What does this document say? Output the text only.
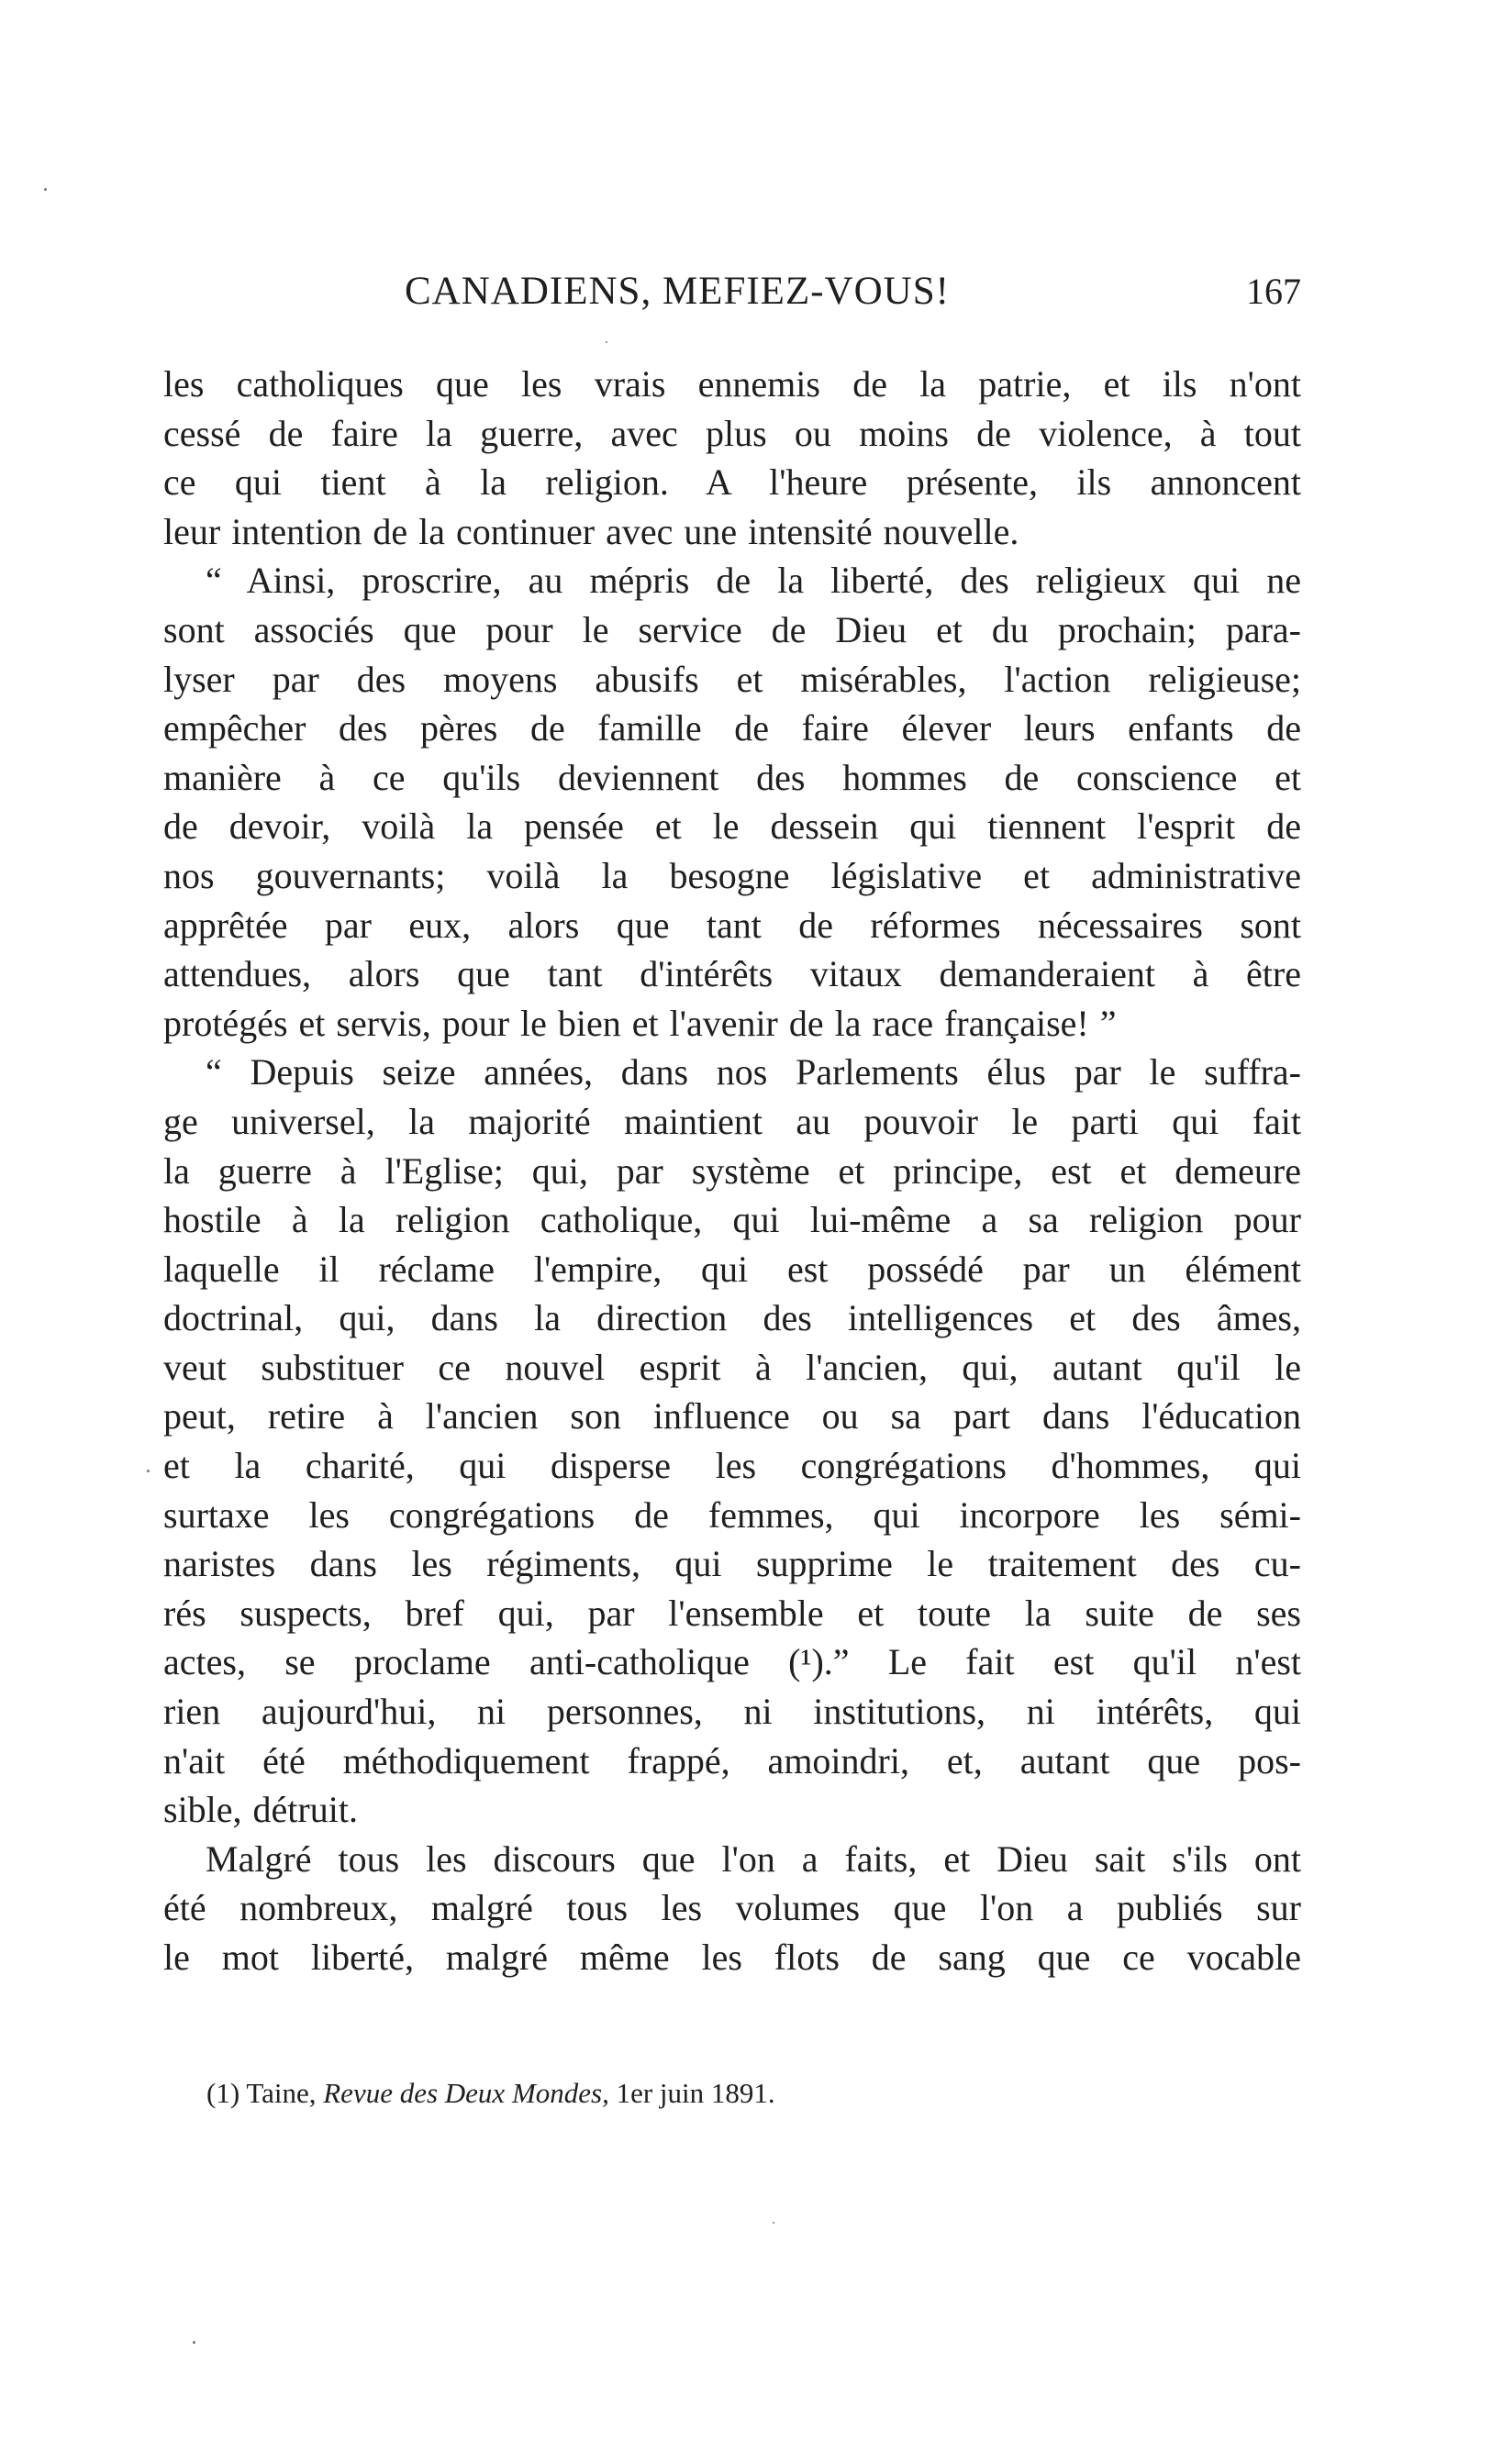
CANADIENS, MEFIEZ-VOUS!	167
les catholiques que les vrais ennemis de la patrie, et ils n'ont
cessé de faire la guerre, avec plus ou moins de violence, à tout
ce qui tient à la religion. A l'heure présente, ils annoncent
leur intention de la continuer avec une intensité nouvelle.
“ Ainsi, proscrire, au mépris de la liberté, des religieux qui ne
sont associés que pour le service de Dieu et du prochain; para-
lyser par des moyens abusifs et misérables, l'action religieuse;
empêcher des pères de famille de faire élever leurs enfants de
manière à ce qu'ils deviennent des hommes de conscience et
de devoir, voilà la pensée et le dessein qui tiennent l'esprit de
nos gouvernants; voilà la besogne législative et administrative
apprêtée par eux, alors que tant de réformes nécessaires sont
attendues, alors que tant d'intérêts vitaux demanderaient à être
protégés et servis, pour le bien et l'avenir de la race française! ”
“ Depuis seize années, dans nos Parlements élus par le suffra-
ge universel, la majorité maintient au pouvoir le parti qui fait
la guerre à l'Eglise; qui, par système et principe, est et demeure
hostile à la religion catholique, qui lui-même a sa religion pour
laquelle il réclame l'empire, qui est possédé par un élément
doctrinal, qui, dans la direction des intelligences et des âmes,
veut substituer ce nouvel esprit à l'ancien, qui, autant qu'il le
peut, retire à l'ancien son influence ou sa part dans l'éducation
et la charité, qui disperse les congrégations d'hommes, qui
surtaxe les congrégations de femmes, qui incorpore les sémi-
naristes dans les régiments, qui supprime le traitement des cu-
rés suspects, bref qui, par l'ensemble et toute la suite de ses
actes, se proclame anti-catholique (¹).” Le fait est qu'il n'est
rien aujourd'hui, ni personnes, ni institutions, ni intérêts, qui
n'ait été méthodiquement frappé, amoindri, et, autant que pos-
sible, détruit.
Malgré tous les discours que l'on a faits, et Dieu sait s'ils ont
été nombreux, malgré tous les volumes que l'on a publiés sur
le mot liberté, malgré même les flots de sang que ce vocable
(1) Taine, Revue des Deux Mondes, 1er juin 1891.
